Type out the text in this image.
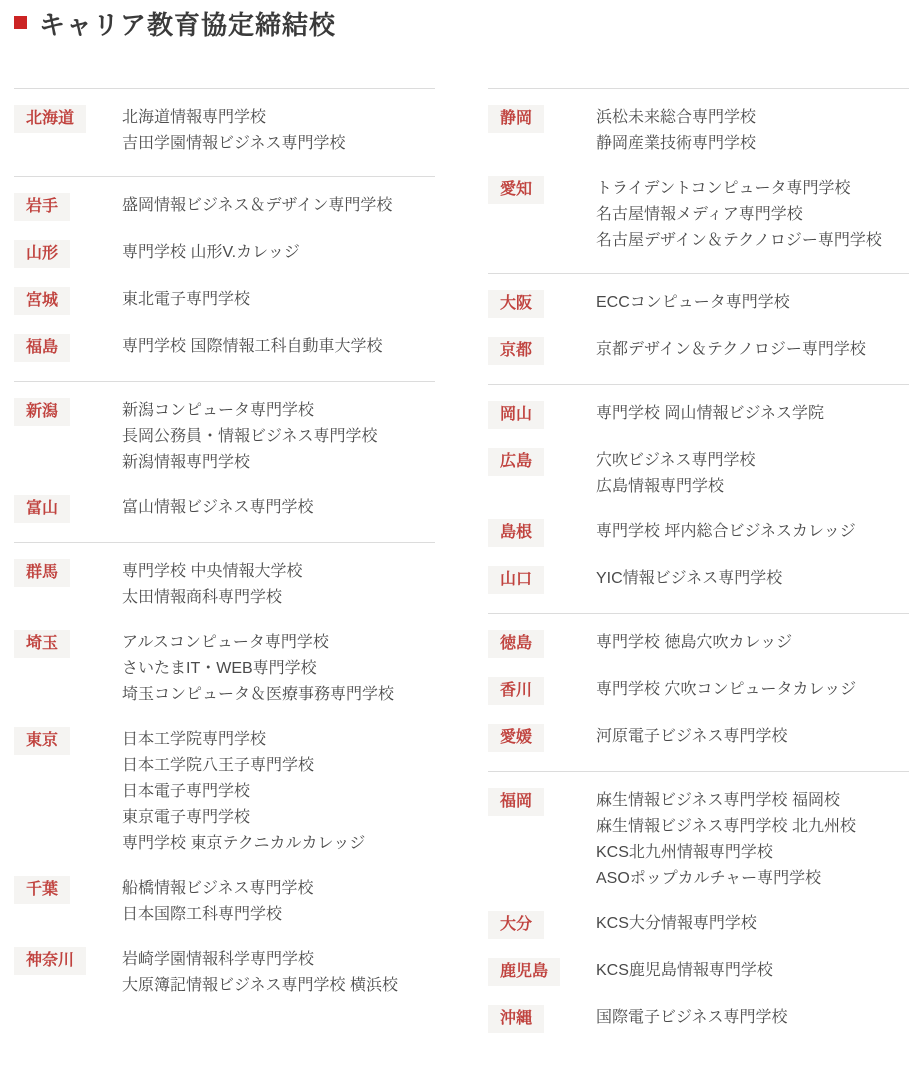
キャリア教育協定締結校
北海道	北海道情報専門学校
吉田学園情報ビジネス専門学校
岩手	盛岡情報ビジネス＆デザイン専門学校
山形	専門学校 山形V.カレッジ
宮城	東北電子専門学校
福島	専門学校 国際情報工科自動車大学校
新潟	新潟コンピュータ専門学校
長岡公務員・情報ビジネス専門学校
新潟情報専門学校
富山	富山情報ビジネス専門学校
群馬	専門学校 中央情報大学校
太田情報商科専門学校
埼玉	アルスコンピュータ専門学校
さいたまIT・WEB専門学校
埼玉コンピュータ＆医療事務専門学校
東京	日本工学院専門学校
日本工学院八王子専門学校
日本電子専門学校
東京電子専門学校
専門学校 東京テクニカルカレッジ
千葉	船橋情報ビジネス専門学校
日本国際工科専門学校
神奈川	岩崎学園情報科学専門学校
大原簿記情報ビジネス専門学校 横浜校
静岡	浜松未来総合専門学校
静岡産業技術専門学校
愛知	トライデントコンピュータ専門学校
名古屋情報メディア専門学校
名古屋デザイン＆テクノロジー専門学校
大阪	ECCコンピュータ専門学校
京都	京都デザイン＆テクノロジー専門学校
岡山	専門学校 岡山情報ビジネス学院
広島	穴吹ビジネス専門学校
広島情報専門学校
島根	専門学校 坪内総合ビジネスカレッジ
山口	YIC情報ビジネス専門学校
徳島	専門学校 徳島穴吹カレッジ
香川	専門学校 穴吹コンピュータカレッジ
愛媛	河原電子ビジネス専門学校
福岡	麻生情報ビジネス専門学校 福岡校
麻生情報ビジネス専門学校 北九州校
KCS北九州情報専門学校
ASOポップカルチャー専門学校
大分	KCS大分情報専門学校
鹿児島	KCS鹿児島情報専門学校
沖縄	国際電子ビジネス専門学校
